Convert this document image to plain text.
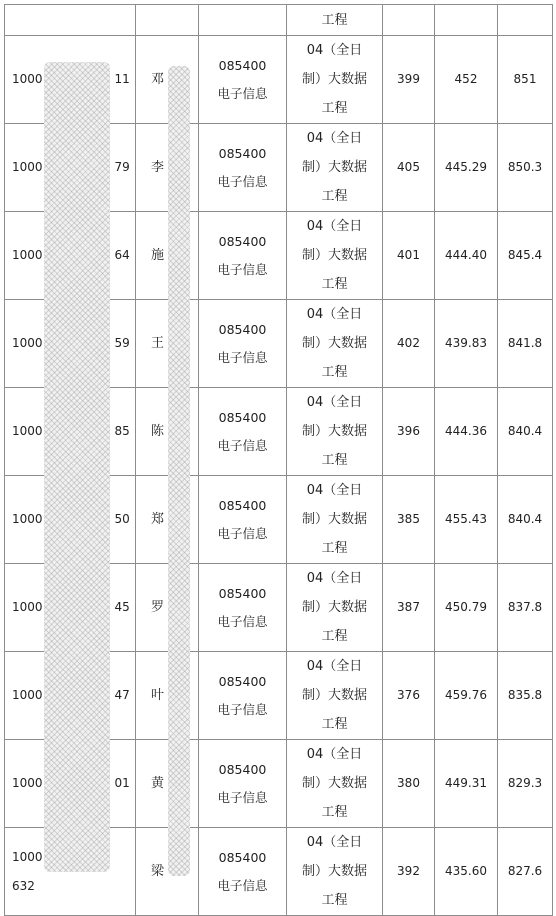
			工程			
1000 11	邓	085400
电子信息	04（全日
制）大数据
工程	399	452	851
1000 79	李	085400
电子信息	04（全日
制）大数据
工程	405	445.29	850.3
1000 64	施	085400
电子信息	04（全日
制）大数据
工程	401	444.40	845.4
1000 59	王	085400
电子信息	04（全日
制）大数据
工程	402	439.83	841.8
1000 85	陈	085400
电子信息	04（全日
制）大数据
工程	396	444.36	840.4
1000 50	郑	085400
电子信息	04（全日
制）大数据
工程	385	455.43	840.4
1000 45	罗	085400
电子信息	04（全日
制）大数据
工程	387	450.79	837.8
1000 47	叶	085400
电子信息	04（全日
制）大数据
工程	376	459.76	835.8
1000 01	黄	085400
电子信息	04（全日
制）大数据
工程	380	449.31	829.3
1000632	梁	085400
电子信息	04（全日
制）大数据
工程	392	435.60	827.6
